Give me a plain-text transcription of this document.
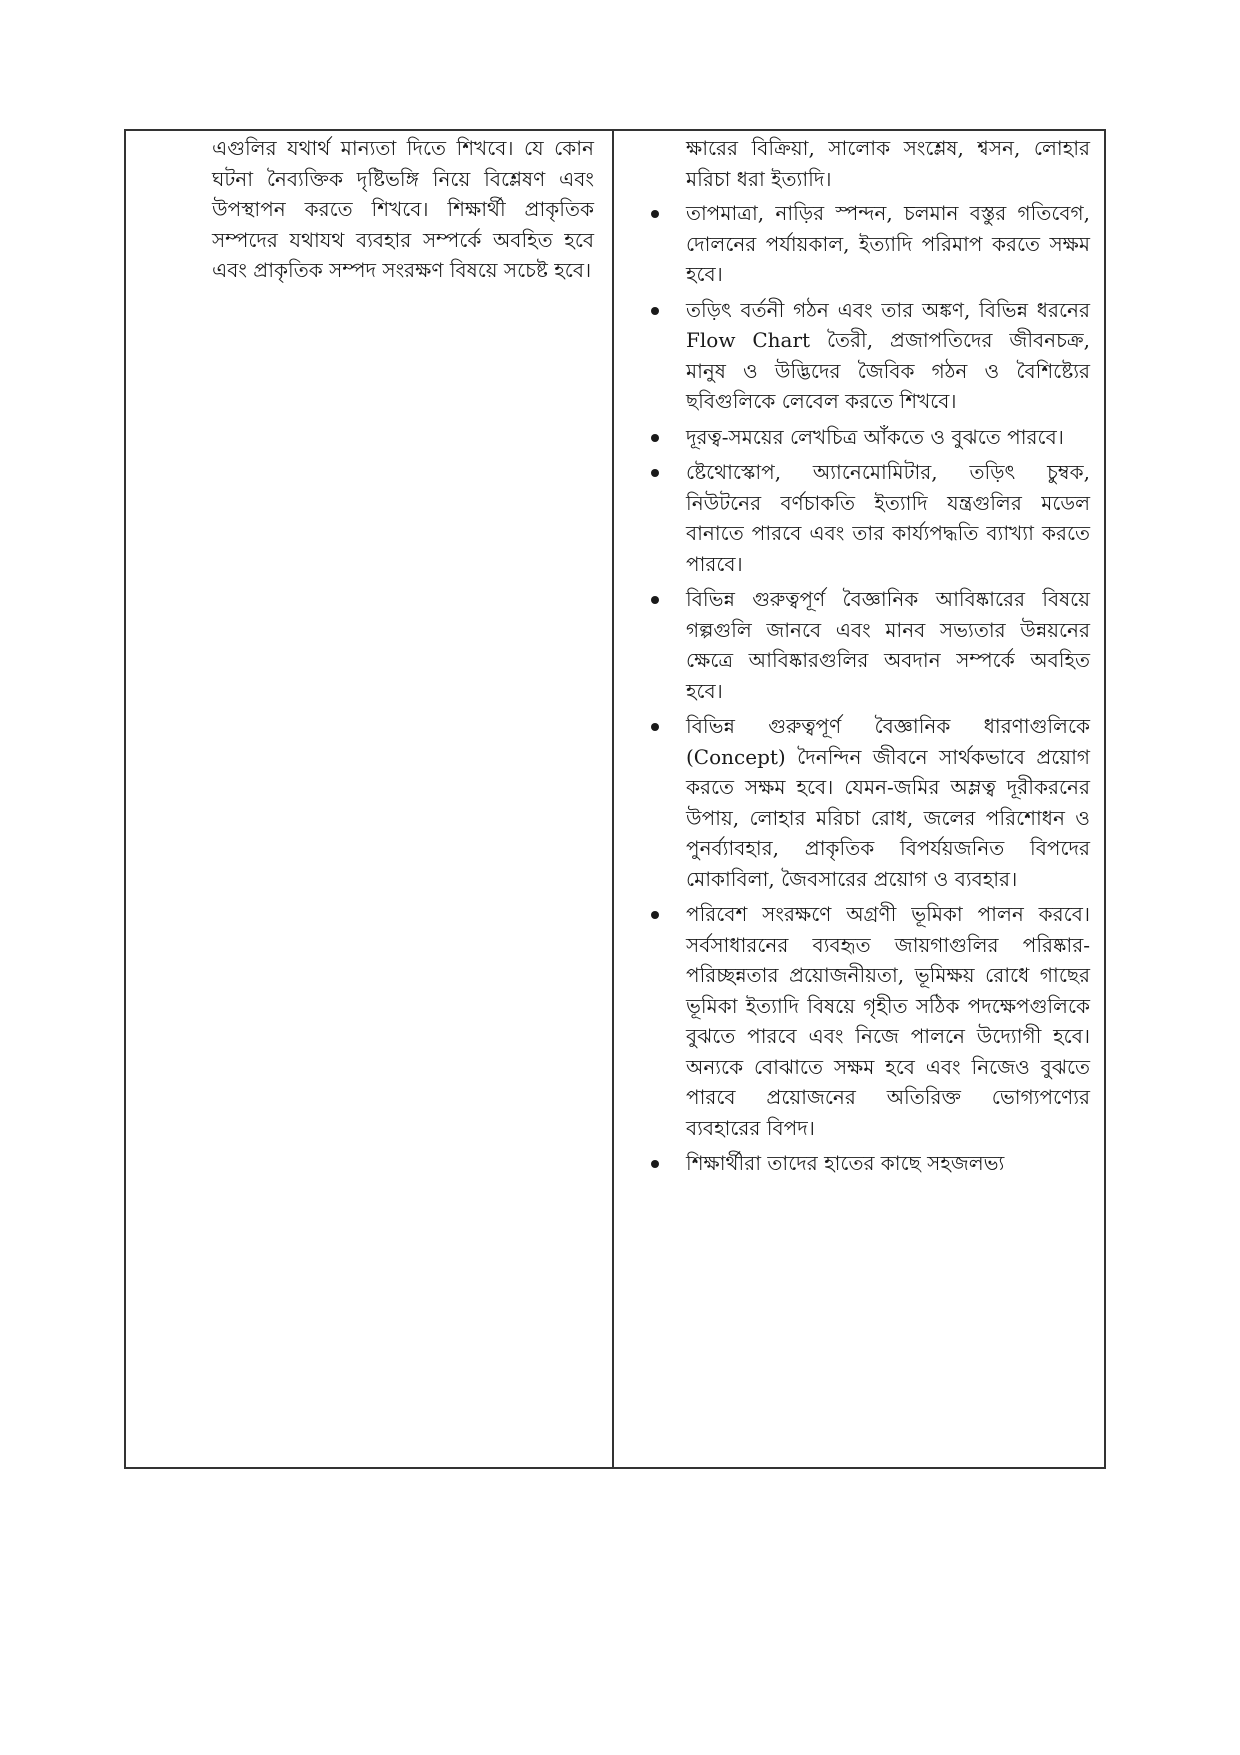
এগুলির যথার্থ মান্যতা দিতে শিখবে। যে কোন ঘটনা নৈব্যক্তিক দৃষ্টিভঙ্গি নিয়ে বিশ্লেষণ এবং উপস্থাপন করতে শিখবে। শিক্ষার্থী প্রাকৃতিক সম্পদের যথাযথ ব্যবহার সম্পর্কে অবহিত হবে এবং প্রাকৃতিক সম্পদ সংরক্ষণ বিষয়ে সচেষ্ট হবে।

ক্ষারের বিক্রিয়া, সালোক সংশ্লেষ, শ্বসন, লোহার মরিচা ধরা ইত্যাদি।

তাপমাত্রা, নাড়ির স্পন্দন, চলমান বস্তুর গতিবেগ, দোলনের পর্যায়কাল, ইত্যাদি পরিমাপ করতে সক্ষম হবে।
তড়িৎ বর্তনী গঠন এবং তার অঙ্কণ, বিভিন্ন ধরনের Flow Chart তৈরী, প্রজাপতিদের জীবনচক্র, মানুষ ও উদ্ভিদের জৈবিক গঠন ও বৈশিষ্ট্যের ছবিগুলিকে লেবেল করতে শিখবে।
দূরত্ব-সময়ের লেখচিত্র আঁকতে ও বুঝতে পারবে।
ষ্টেথোস্কোপ, অ্যানেমোমিটার, তড়িৎ চুম্বক, নিউটনের বর্ণচাকতি ইত্যাদি যন্ত্রগুলির মডেল বানাতে পারবে এবং তার কার্য্যপদ্ধতি ব্যাখ্যা করতে পারবে।
বিভিন্ন গুরুত্বপূর্ণ বৈজ্ঞানিক আবিষ্কারের বিষয়ে গল্পগুলি জানবে এবং মানব সভ্যতার উন্নয়নের ক্ষেত্রে আবিষ্কারগুলির অবদান সম্পর্কে অবহিত হবে।
বিভিন্ন গুরুত্বপূর্ণ বৈজ্ঞানিক ধারণাগুলিকে (Concept) দৈনন্দিন জীবনে সার্থকভাবে প্রয়োগ করতে সক্ষম হবে। যেমন-জমির অম্লত্ব দূরীকরনের উপায়, লোহার মরিচা রোধ, জলের পরিশোধন ও পুনর্ব্যাবহার, প্রাকৃতিক বিপর্যয়জনিত বিপদের মোকাবিলা, জৈবসারের প্রয়োগ ও ব্যবহার।
পরিবেশ সংরক্ষণে অগ্রণী ভূমিকা পালন করবে। সর্বসাধারনের ব্যবহৃত জায়গাগুলির পরিষ্কার-পরিচ্ছন্নতার প্রয়োজনীয়তা, ভূমিক্ষয় রোধে গাছের ভূমিকা ইত্যাদি বিষয়ে গৃহীত সঠিক পদক্ষেপগুলিকে বুঝতে পারবে এবং নিজে পালনে উদ্যোগী হবে। অন্যকে বোঝাতে সক্ষম হবে এবং নিজেও বুঝতে পারবে প্রয়োজনের অতিরিক্ত ভোগ্যপণ্যের ব্যবহারের বিপদ।
শিক্ষার্থীরা তাদের হাতের কাছে সহজলভ্য
